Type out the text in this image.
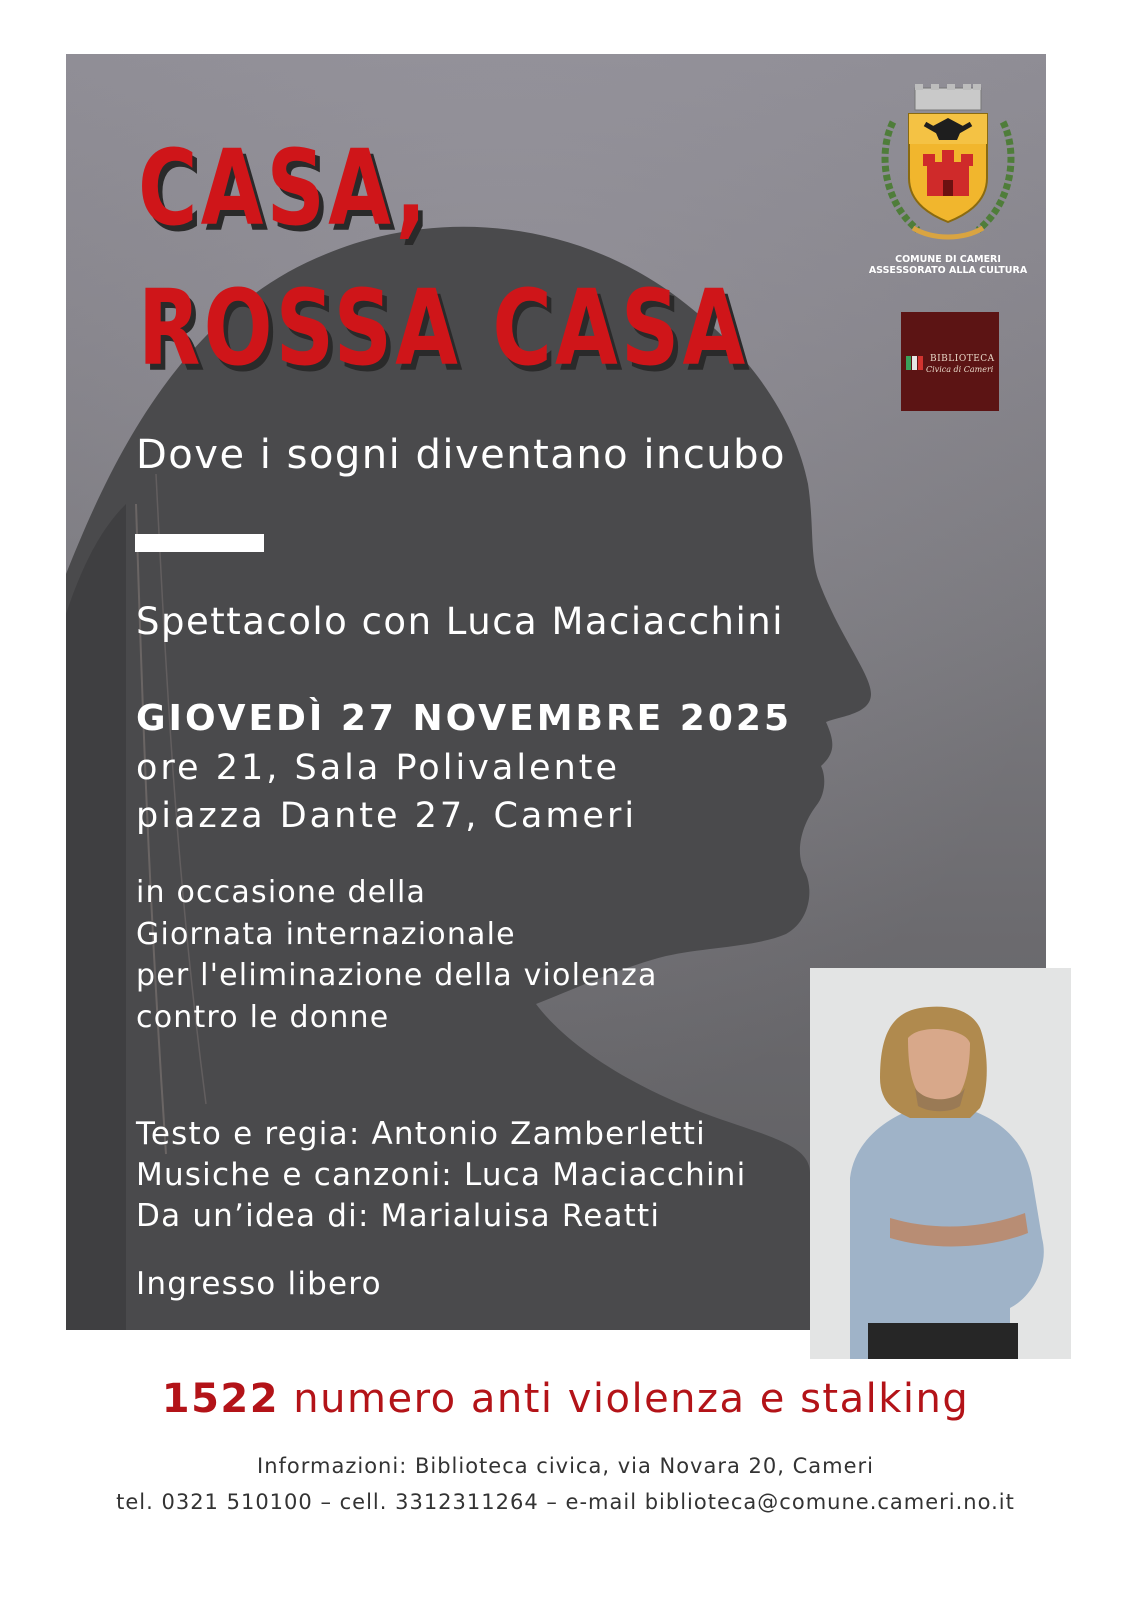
CASA,
ROSSA CASA
Dove i sogni diventano incubo
Spettacolo con Luca Maciacchini
GIOVEDÌ 27 NOVEMBRE 2025
ore 21, Sala Polivalente
piazza Dante 27, Cameri
in occasione della
Giornata internazionale
per l'eliminazione della violenza
contro le donne
Testo e regia: Antonio Zamberletti
Musiche e canzoni: Luca Maciacchini
Da un’idea di: Marialuisa Reatti
Ingresso libero
COMUNE DI CAMERI
ASSESSORATO ALLA CULTURA
BIBLIOTECA
Civica di Cameri
1522 numero anti violenza e stalking
Informazioni: Biblioteca civica, via Novara 20, Cameri
tel. 0321 510100 – cell. 3312311264 – e-mail biblioteca@comune.cameri.no.it
